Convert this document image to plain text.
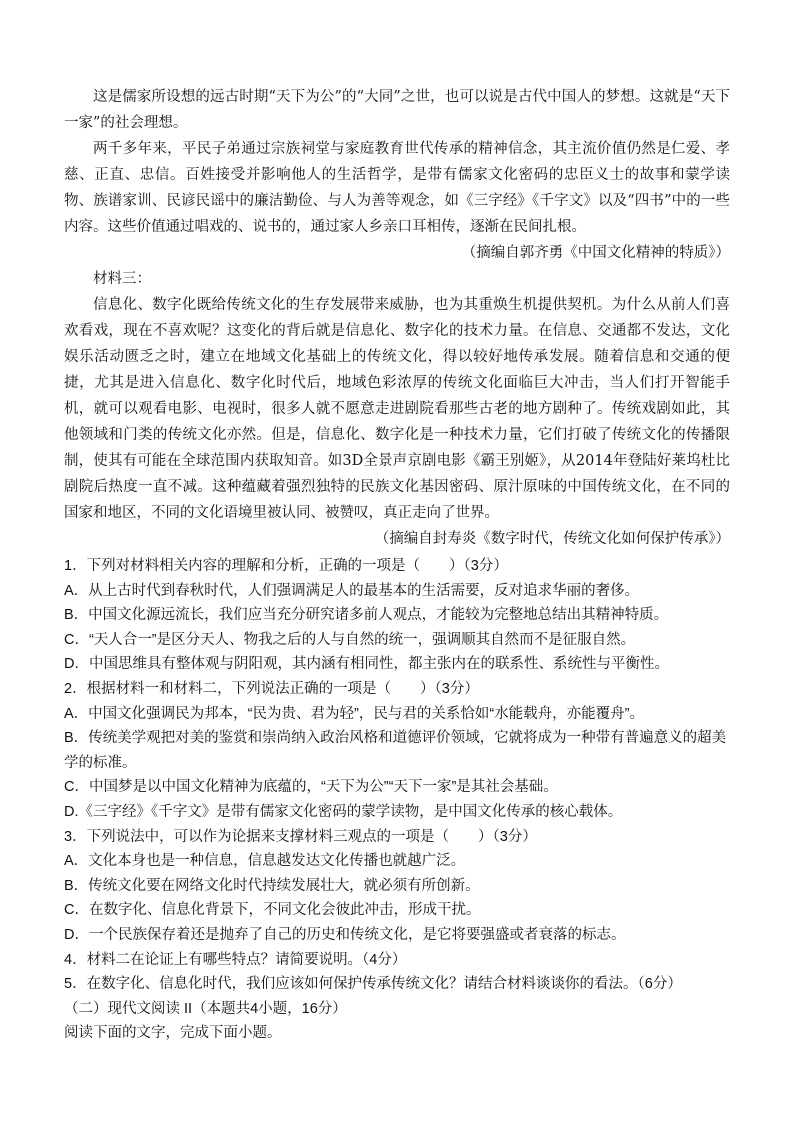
这是儒家所设想的远古时期“天下为公”的“大同”之世，也可以说是古代中国人的梦想。这就是“天下一家”的社会理想。

两千多年来，平民子弟通过宗族祠堂与家庭教育世代传承的精神信念，其主流价值仍然是仁爱、孝慈、正直、忠信。百姓接受并影响他人的生活哲学，是带有儒家文化密码的忠臣义士的故事和蒙学读物、族谱家训、民谚民谣中的廉洁勤俭、与人为善等观念，如《三字经》《千字文》以及“四书”中的一些内容。这些价值通过唱戏的、说书的，通过家人乡亲口耳相传，逐渐在民间扎根。

（摘编自郭齐勇《中国文化精神的特质》）

材料三：

信息化、数字化既给传统文化的生存发展带来威胁，也为其重焕生机提供契机。为什么从前人们喜欢看戏，现在不喜欢呢？这变化的背后就是信息化、数字化的技术力量。在信息、交通都不发达，文化娱乐活动匮乏之时，建立在地域文化基础上的传统文化，得以较好地传承发展。随着信息和交通的便捷，尤其是进入信息化、数字化时代后，地域色彩浓厚的传统文化面临巨大冲击，当人们打开智能手机，就可以观看电影、电视时，很多人就不愿意走进剧院看那些古老的地方剧种了。传统戏剧如此，其他领域和门类的传统文化亦然。但是，信息化、数字化是一种技术力量，它们打破了传统文化的传播限制，使其有可能在全球范围内获取知音。如3D全景声京剧电影《霸王别姬》，从2014年登陆好莱坞杜比剧院后热度一直不减。这种蕴藏着强烈独特的民族文化基因密码、原汁原味的中国传统文化，在不同的国家和地区，不同的文化语境里被认同、被赞叹，真正走向了世界。

（摘编自封寿炎《数字时代，传统文化如何保护传承》）

1．下列对材料相关内容的理解和分析，正确的一项是（　　）（3分）

A．从上古时代到春秋时代，人们强调满足人的最基本的生活需要，反对追求华丽的奢侈。

B．中国文化源远流长，我们应当充分研究诸多前人观点，才能较为完整地总结出其精神特质。

C．“天人合一”是区分天人、物我之后的人与自然的统一，强调顺其自然而不是征服自然。

D．中国思维具有整体观与阴阳观，其内涵有相同性，都主张内在的联系性、系统性与平衡性。

2．根据材料一和材料二，下列说法正确的一项是（　　）（3分）

A．中国文化强调民为邦本，“民为贵、君为轻”，民与君的关系恰如“水能载舟，亦能覆舟”。

B．传统美学观把对美的鉴赏和崇尚纳入政治风格和道德评价领域，它就将成为一种带有普遍意义的超美学的标准。

C．中国梦是以中国文化精神为底蕴的，“天下为公”“天下一家”是其社会基础。

D.《三字经》《千字文》是带有儒家文化密码的蒙学读物，是中国文化传承的核心载体。

3．下列说法中，可以作为论据来支撑材料三观点的一项是（　　）（3分）

A．文化本身也是一种信息，信息越发达文化传播也就越广泛。

B．传统文化要在网络文化时代持续发展壮大，就必须有所创新。

C．在数字化、信息化背景下，不同文化会彼此冲击，形成干扰。

D．一个民族保存着还是抛弃了自己的历史和传统文化，是它将要强盛或者衰落的标志。

4．材料二在论证上有哪些特点？请简要说明。（4分）

5．在数字化、信息化时代，我们应该如何保护传承传统文化？请结合材料谈谈你的看法。（6分）

（二）现代文阅读 II（本题共4小题，16分）

阅读下面的文字，完成下面小题。
